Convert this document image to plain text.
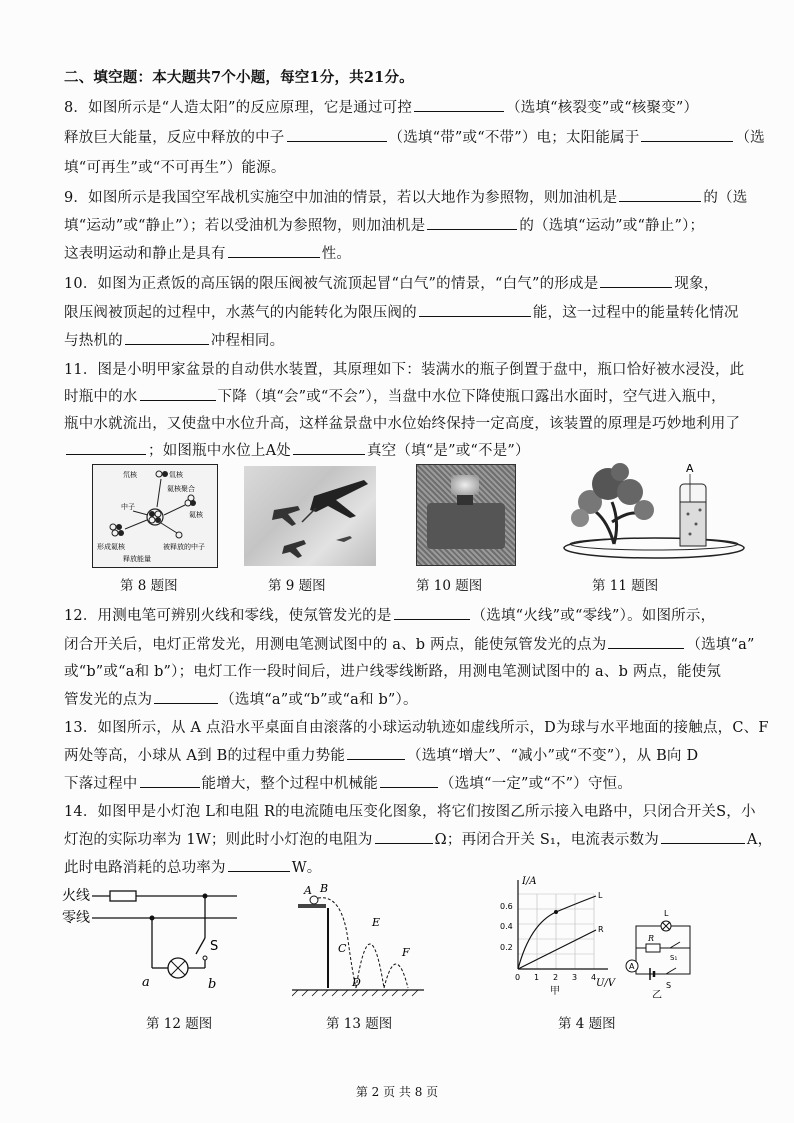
二、填空题：本大题共7个小题，每空1分，共21分。
8．如图所示是“人造太阳”的反应原理，它是通过可控	（选填“核裂变”或“核聚变”）
释放巨大能量，反应中释放的中子	（选填“带”或“不带”）电；太阳能属于	（选
填“可再生”或“不可再生”）能源。
9．如图所示是我国空军战机实施空中加油的情景，若以大地作为参照物，则加油机是	的（选
填“运动”或“静止”）；若以受油机为参照物，则加油机是	的（选填“运动”或“静止”）；
这表明运动和静止是具有	性。
10．如图为正煮饭的高压锅的限压阀被气流顶起冒“白气”的情景，“白气”的形成是	现象，
限压阀被顶起的过程中，水蒸气的内能转化为限压阀的	能，这一过程中的能量转化情况
与热机的	冲程相同。
11．图是小明甲家盆景的自动供水装置，其原理如下：装满水的瓶子倒置于盘中，瓶口恰好被水浸没，此
时瓶中的水	下降（填“会”或“不会”），当盘中水位下降使瓶口露出水面时，空气进入瓶中，
瓶中水就流出，又使盘中水位升高，这样盆景盘中水位始终保持一定高度，该装置的原理是巧妙地利用了
；如图瓶中水位上A处	真空（填“是”或“不是”）
氘核	氚核
氦核聚合
中子
氦核
形成氦核
释放能量
被释放的中子
第 8 题图	第 9 题图	第 10 题图
A
第 11 题图
12．用测电笔可辨别火线和零线，使氖管发光的是	（选填“火线”或“零线”）。如图所示，
闭合开关后，电灯正常发光，用测电笔测试图中的 a、b 两点，能使氖管发光的点为	（选填“a”
或“b”或“a和 b”）；电灯工作一段时间后，进户线零线断路，用测电笔测试图中的 a、b 两点，能使氖
管发光的点为	（选填“a”或“b”或“a和 b”）。
13．如图所示，从 A 点沿水平桌面自由滚落的小球运动轨迹如虚线所示，D为球与水平地面的接触点，C、F
两处等高，小球从 A到 B的过程中重力势能	（选填“增大”、“减小”或“不变”），从 B向 D
下落过程中	能增大，整个过程中机械能	（选填“一定”或“不”）守恒。
14．如图甲是小灯泡 L和电阻 R的电流随电压变化图象，将它们按图乙所示接入电路中，只闭合开关S，小
灯泡的实际功率为 1W；则此时小灯泡的电阻为	Ω；再闭合开关 S₁，电流表示数为	A，
此时电路消耗的总功率为	W。
火线
零线
S
a	b
第 12 题图
A B
C
D
E
F
第 13 题图
I/A
U/V
0.6
0.4
0.2
0 1 2 3 4
L
R
甲
L
R
S₁
A
S
乙
第 4 题图
第 2 页 共 8 页
